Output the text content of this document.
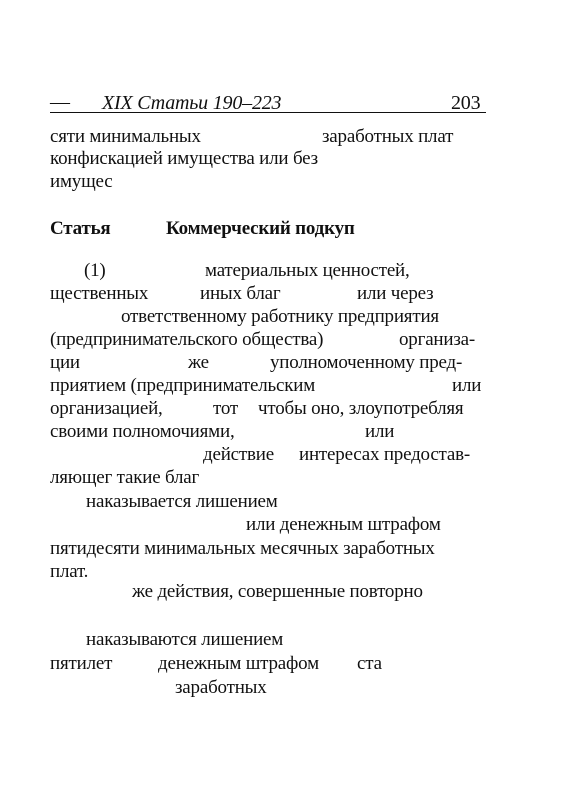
— XIX Статьи 190–223	203
сяти минимальных	заработных плат
конфискацией имущества или без
имущес
Статья	Коммерческий подкуп
(1)	материальных ценностей,
щественных	иных благ	или через
ответственному работнику предприятия
(предпринимательского общества)	организа-
ции	же	уполномоченному пред-
приятием (предпринимательским	или
организацией,	тот чтобы оно, злоупотребляя
своими полномочиями,	или
действие интересах предостав-
ляющег такие благ
наказывается лишением
или денежным штрафом
пятидесяти минимальных месячных заработных
плат.
же действия, совершенные повторно
наказываются лишением
пятилет денежным штрафом ста
заработных
